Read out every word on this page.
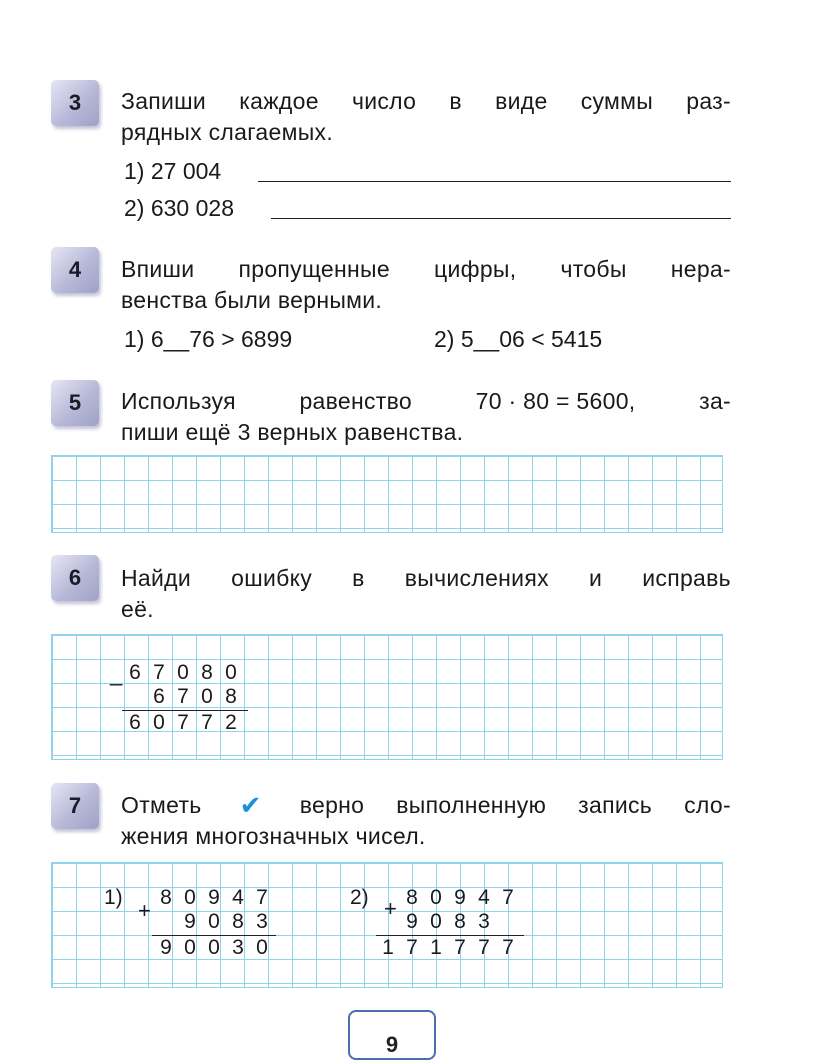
3 Запиши каждое число в виде суммы раз-
рядных слагаемых.
1) 27 004
2) 630 028
4 Впиши пропущенные цифры, чтобы нера-
венства были верными.
1) 6__76 > 6899	2) 5__06 < 5415
5 Используя	равенство	70 · 80 = 5600,	за-
пиши ещё 3 верных равенства.
6 Найди ошибку в вычислениях и исправь
её.
_ 6 7 0 8 0
6 7 0 8
6 0 7 7 2
7 Отметь ✔ верно выполненную запись сло-
жения многозначных чисел.
1)
+
8 0 9 4 7
9 0 8 3
9 0 0 3 0
2) + 8 0 9 4 7
9 0 8 3
1 7 1 7 7 7
9
